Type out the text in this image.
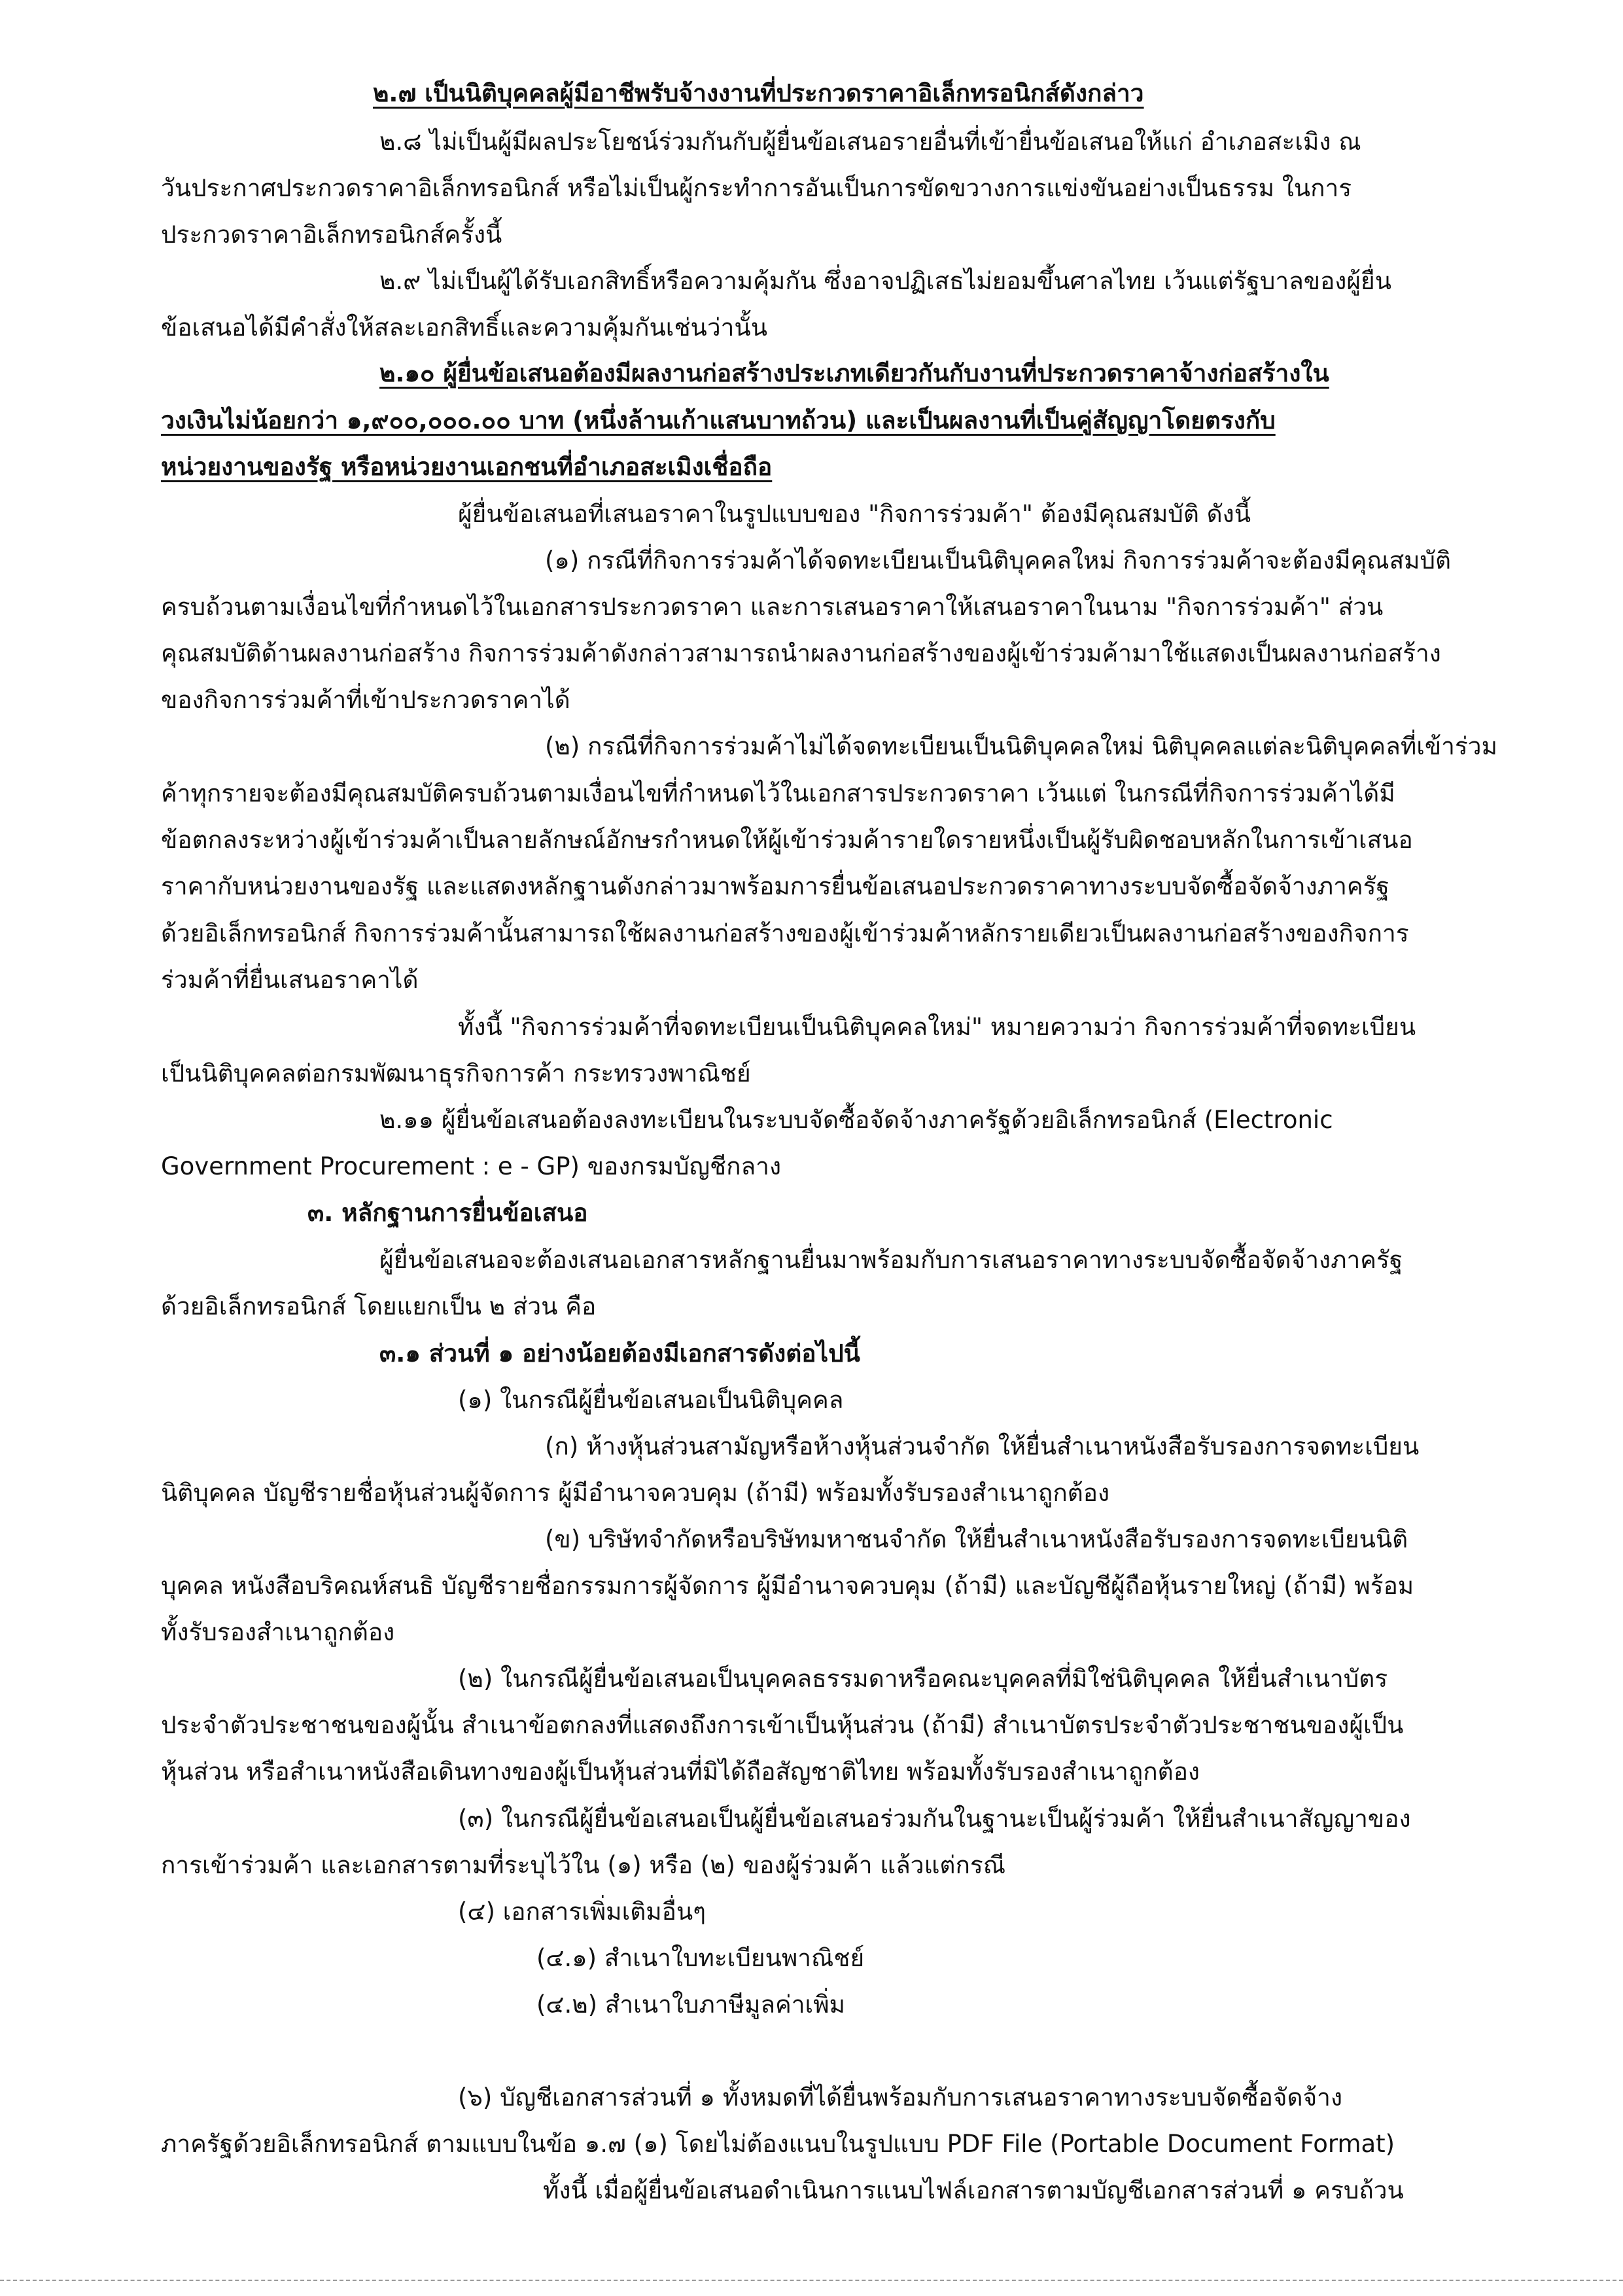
๒.๗ เป็นนิติบุคคลผู้มีอาชีพรับจ้างงานที่ประกวดราคาอิเล็กทรอนิกส์ดังกล่าว
๒.๘ ไม่เป็นผู้มีผลประโยชน์ร่วมกันกับผู้ยื่นข้อเสนอรายอื่นที่เข้ายื่นข้อเสนอให้แก่ อำเภอสะเมิง ณ
วันประกาศประกวดราคาอิเล็กทรอนิกส์ หรือไม่เป็นผู้กระทำการอันเป็นการขัดขวางการแข่งขันอย่างเป็นธรรม ในการ
ประกวดราคาอิเล็กทรอนิกส์ครั้งนี้
๒.๙ ไม่เป็นผู้ได้รับเอกสิทธิ์หรือความคุ้มกัน ซึ่งอาจปฏิเสธไม่ยอมขึ้นศาลไทย เว้นแต่รัฐบาลของผู้ยื่น
ข้อเสนอได้มีคำสั่งให้สละเอกสิทธิ์และความคุ้มกันเช่นว่านั้น
๒.๑๐ ผู้ยื่นข้อเสนอต้องมีผลงานก่อสร้างประเภทเดียวกันกับงานที่ประกวดราคาจ้างก่อสร้างใน
วงเงินไม่น้อยกว่า ๑,๙๐๐,๐๐๐.๐๐ บาท (หนึ่งล้านเก้าแสนบาทถ้วน) และเป็นผลงานที่เป็นคู่สัญญาโดยตรงกับ
หน่วยงานของรัฐ หรือหน่วยงานเอกชนที่อำเภอสะเมิงเชื่อถือ
ผู้ยื่นข้อเสนอที่เสนอราคาในรูปแบบของ "กิจการร่วมค้า" ต้องมีคุณสมบัติ ดังนี้
(๑) กรณีที่กิจการร่วมค้าได้จดทะเบียนเป็นนิติบุคคลใหม่ กิจการร่วมค้าจะต้องมีคุณสมบัติ
ครบถ้วนตามเงื่อนไขที่กำหนดไว้ในเอกสารประกวดราคา และการเสนอราคาให้เสนอราคาในนาม "กิจการร่วมค้า" ส่วน
คุณสมบัติด้านผลงานก่อสร้าง กิจการร่วมค้าดังกล่าวสามารถนำผลงานก่อสร้างของผู้เข้าร่วมค้ามาใช้แสดงเป็นผลงานก่อสร้าง
ของกิจการร่วมค้าที่เข้าประกวดราคาได้
(๒) กรณีที่กิจการร่วมค้าไม่ได้จดทะเบียนเป็นนิติบุคคลใหม่ นิติบุคคลแต่ละนิติบุคคลที่เข้าร่วม
ค้าทุกรายจะต้องมีคุณสมบัติครบถ้วนตามเงื่อนไขที่กำหนดไว้ในเอกสารประกวดราคา เว้นแต่ ในกรณีที่กิจการร่วมค้าได้มี
ข้อตกลงระหว่างผู้เข้าร่วมค้าเป็นลายลักษณ์อักษรกำหนดให้ผู้เข้าร่วมค้ารายใดรายหนึ่งเป็นผู้รับผิดชอบหลักในการเข้าเสนอ
ราคากับหน่วยงานของรัฐ และแสดงหลักฐานดังกล่าวมาพร้อมการยื่นข้อเสนอประกวดราคาทางระบบจัดซื้อจัดจ้างภาครัฐ
ด้วยอิเล็กทรอนิกส์ กิจการร่วมค้านั้นสามารถใช้ผลงานก่อสร้างของผู้เข้าร่วมค้าหลักรายเดียวเป็นผลงานก่อสร้างของกิจการ
ร่วมค้าที่ยื่นเสนอราคาได้
ทั้งนี้ "กิจการร่วมค้าที่จดทะเบียนเป็นนิติบุคคลใหม่" หมายความว่า กิจการร่วมค้าที่จดทะเบียน
เป็นนิติบุคคลต่อกรมพัฒนาธุรกิจการค้า กระทรวงพาณิชย์
๒.๑๑ ผู้ยื่นข้อเสนอต้องลงทะเบียนในระบบจัดซื้อจัดจ้างภาครัฐด้วยอิเล็กทรอนิกส์ (Electronic
Government Procurement : e - GP) ของกรมบัญชีกลาง
๓. หลักฐานการยื่นข้อเสนอ
ผู้ยื่นข้อเสนอจะต้องเสนอเอกสารหลักฐานยื่นมาพร้อมกับการเสนอราคาทางระบบจัดซื้อจัดจ้างภาครัฐ
ด้วยอิเล็กทรอนิกส์ โดยแยกเป็น ๒ ส่วน คือ
๓.๑ ส่วนที่ ๑ อย่างน้อยต้องมีเอกสารดังต่อไปนี้
(๑) ในกรณีผู้ยื่นข้อเสนอเป็นนิติบุคคล
(ก) ห้างหุ้นส่วนสามัญหรือห้างหุ้นส่วนจำกัด ให้ยื่นสำเนาหนังสือรับรองการจดทะเบียน
นิติบุคคล บัญชีรายชื่อหุ้นส่วนผู้จัดการ ผู้มีอำนาจควบคุม (ถ้ามี) พร้อมทั้งรับรองสำเนาถูกต้อง
(ข) บริษัทจำกัดหรือบริษัทมหาชนจำกัด ให้ยื่นสำเนาหนังสือรับรองการจดทะเบียนนิติ
บุคคล หนังสือบริคณห์สนธิ บัญชีรายชื่อกรรมการผู้จัดการ ผู้มีอำนาจควบคุม (ถ้ามี) และบัญชีผู้ถือหุ้นรายใหญ่ (ถ้ามี) พร้อม
ทั้งรับรองสำเนาถูกต้อง
(๒) ในกรณีผู้ยื่นข้อเสนอเป็นบุคคลธรรมดาหรือคณะบุคคลที่มิใช่นิติบุคคล ให้ยื่นสำเนาบัตร
ประจำตัวประชาชนของผู้นั้น สำเนาข้อตกลงที่แสดงถึงการเข้าเป็นหุ้นส่วน (ถ้ามี) สำเนาบัตรประจำตัวประชาชนของผู้เป็น
หุ้นส่วน หรือสำเนาหนังสือเดินทางของผู้เป็นหุ้นส่วนที่มิได้ถือสัญชาติไทย พร้อมทั้งรับรองสำเนาถูกต้อง
(๓) ในกรณีผู้ยื่นข้อเสนอเป็นผู้ยื่นข้อเสนอร่วมกันในฐานะเป็นผู้ร่วมค้า ให้ยื่นสำเนาสัญญาของ
การเข้าร่วมค้า และเอกสารตามที่ระบุไว้ใน (๑) หรือ (๒) ของผู้ร่วมค้า แล้วแต่กรณี
(๔) เอกสารเพิ่มเติมอื่นๆ
(๔.๑) สำเนาใบทะเบียนพาณิชย์
(๔.๒) สำเนาใบภาษีมูลค่าเพิ่ม
(๖) บัญชีเอกสารส่วนที่ ๑ ทั้งหมดที่ได้ยื่นพร้อมกับการเสนอราคาทางระบบจัดซื้อจัดจ้าง
ภาครัฐด้วยอิเล็กทรอนิกส์ ตามแบบในข้อ ๑.๗ (๑) โดยไม่ต้องแนบในรูปแบบ PDF File (Portable Document Format)
ทั้งนี้ เมื่อผู้ยื่นข้อเสนอดำเนินการแนบไฟล์เอกสารตามบัญชีเอกสารส่วนที่ ๑ ครบถ้วน
